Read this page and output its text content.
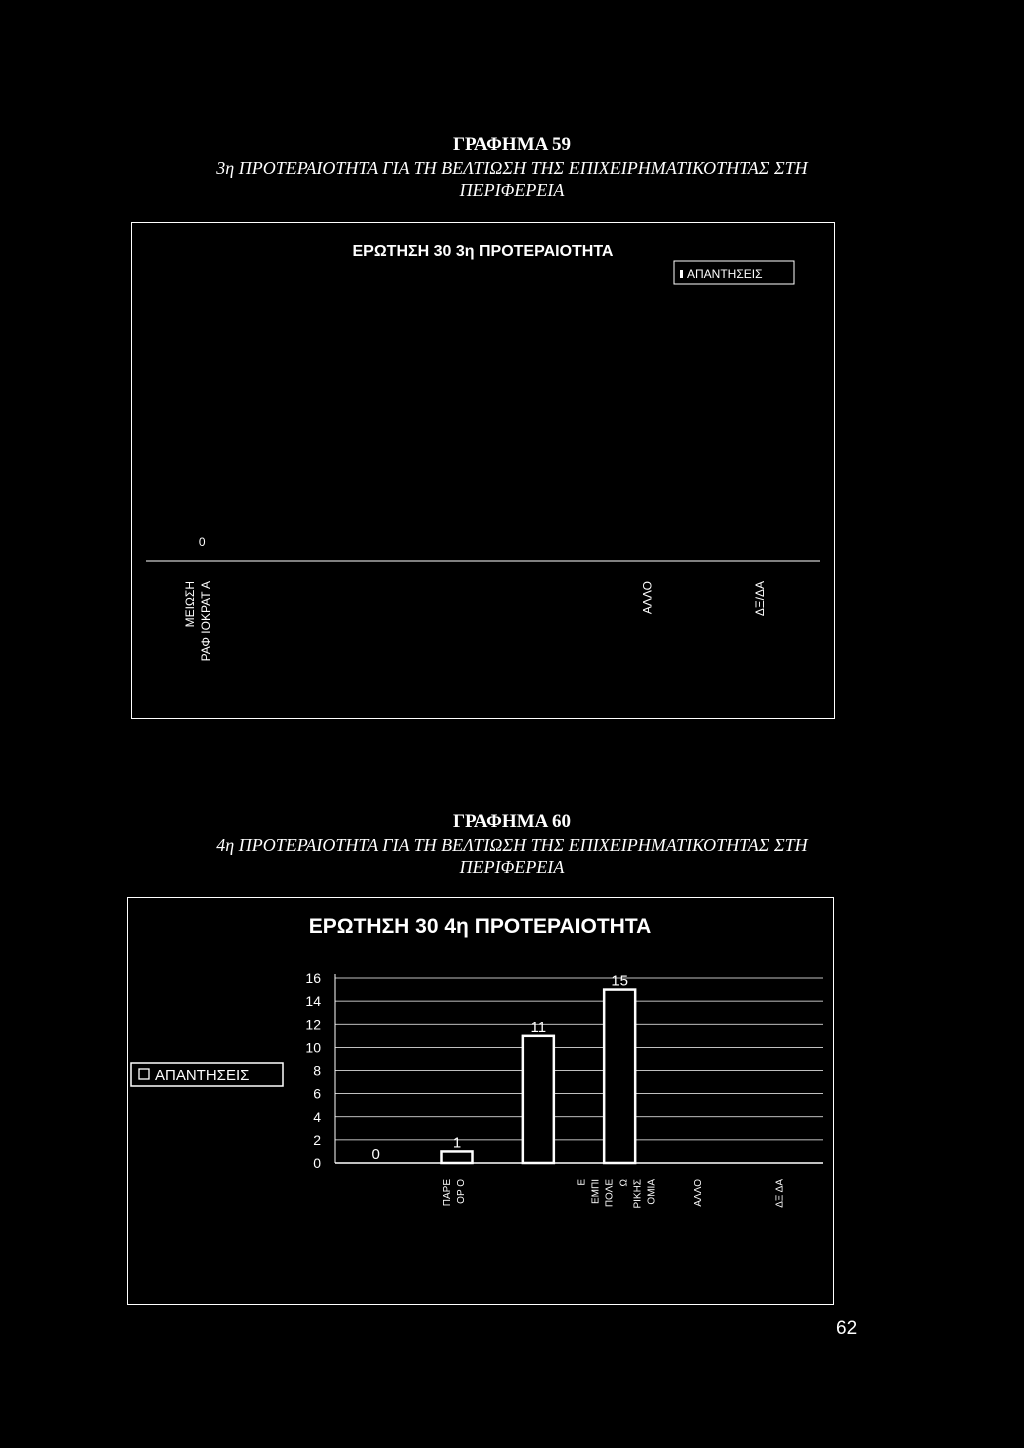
ΓΡΑΦΗΜΑ 59
3η ΠΡΟΤΕΡΑΙΟΤΗΤΑ ΓΙΑ ΤΗ ΒΕΛΤΙΩΣΗ ΤΗΣ ΕΠΙΧΕΙΡΗΜΑΤΙΚΟΤΗΤΑΣ ΣΤΗ
ΠΕΡΙΦΕΡΕΙΑ
ΕΡΩΤΗΣΗ 30 3η ΠΡΟΤΕΡΑΙΟΤΗΤΑ
ΑΠΑΝΤΗΣΕΙΣ
0
ΜΕΙΩΣΗ ΡΑΦ ΙΟΚΡΑΤ Α	ΑΛΛΟ	ΔΞ/ΔΑ
ΓΡΑΦΗΜΑ 60
4η ΠΡΟΤΕΡΑΙΟΤΗΤΑ ΓΙΑ ΤΗ ΒΕΛΤΙΩΣΗ ΤΗΣ ΕΠΙΧΕΙΡΗΜΑΤΙΚΟΤΗΤΑΣ ΣΤΗ
ΠΕΡΙΦΕΡΕΙΑ
ΕΡΩΤΗΣΗ 30 4η ΠΡΟΤΕΡΑΙΟΤΗΤΑ
ΑΠΑΝΤΗΣΕΙΣ
16
14
12
10
8
6
4
2
0	0
1
ΠΑΡΕ ΟΡ Ο
11
15
Ε ΕΜΠΙ ΠΟΛΕ Ω ΡΙΚΗΣ ΟΜΙΑ	ΑΛΛΟ	ΔΞ ΔΑ
62
